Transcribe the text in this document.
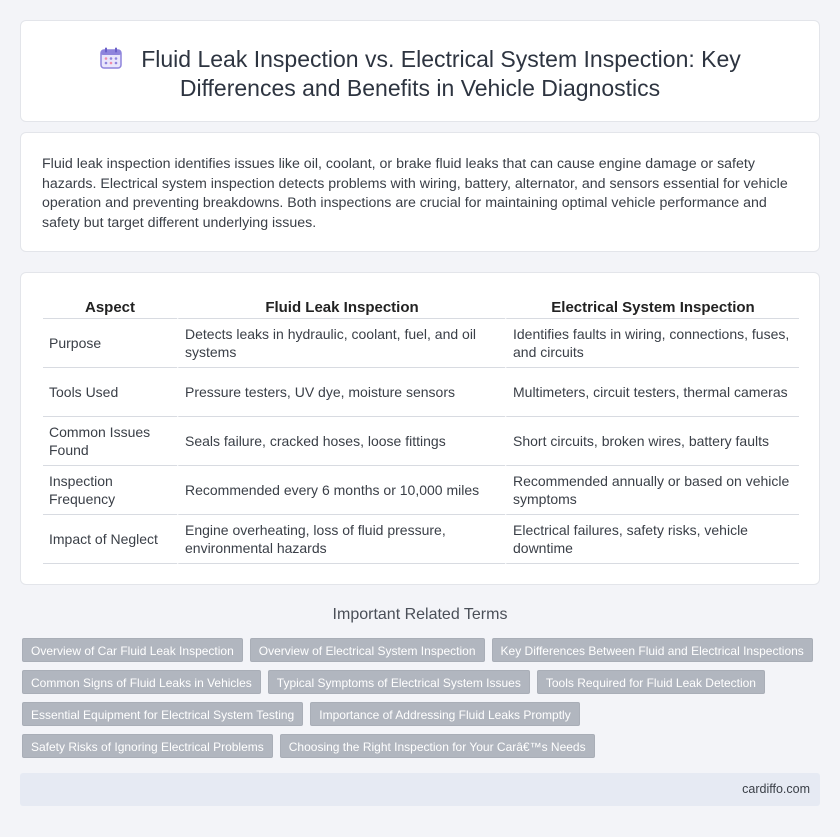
Fluid Leak Inspection vs. Electrical System Inspection: Key Differences and Benefits in Vehicle Diagnostics

Fluid leak inspection identifies issues like oil, coolant, or brake fluid leaks that can cause engine damage or safety hazards. Electrical system inspection detects problems with wiring, battery, alternator, and sensors essential for vehicle operation and preventing breakdowns. Both inspections are crucial for maintaining optimal vehicle performance and safety but target different underlying issues.

Aspect	Fluid Leak Inspection	Electrical System Inspection
Purpose	Detects leaks in hydraulic, coolant, fuel, and oil systems	Identifies faults in wiring, connections, fuses, and circuits
Tools Used	Pressure testers, UV dye, moisture sensors	Multimeters, circuit testers, thermal cameras
Common Issues Found	Seals failure, cracked hoses, loose fittings	Short circuits, broken wires, battery faults
Inspection Frequency	Recommended every 6 months or 10,000 miles	Recommended annually or based on vehicle symptoms
Impact of Neglect	Engine overheating, loss of fluid pressure, environmental hazards	Electrical failures, safety risks, vehicle downtime
Important Related Terms
Overview of Car Fluid Leak Inspection	Overview of Electrical System Inspection	Key Differences Between Fluid and Electrical Inspections
Common Signs of Fluid Leaks in Vehicles	Typical Symptoms of Electrical System Issues	Tools Required for Fluid Leak Detection
Essential Equipment for Electrical System Testing	Importance of Addressing Fluid Leaks Promptly
Safety Risks of Ignoring Electrical Problems	Choosing the Right Inspection for Your Carâ€™s Needs
cardiffo.com
